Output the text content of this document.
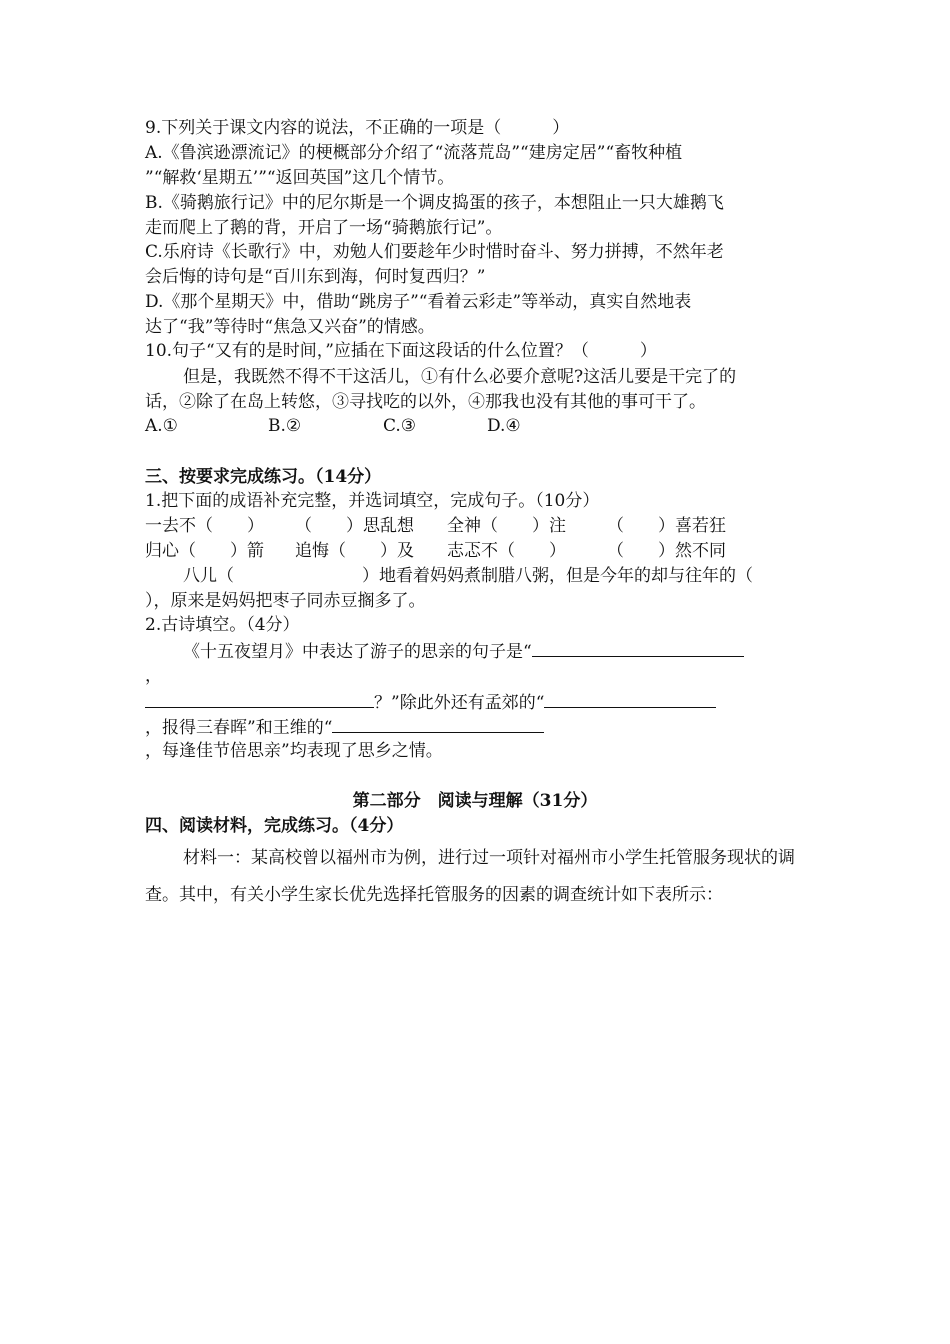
9.下列关于课文内容的说法，不正确的一项是（　　　）

A.《鲁滨逊漂流记》的梗概部分介绍了“流落荒岛”“建房定居”“畜牧种植

”“解救‘星期五’”“返回英国”这几个情节。

B.《骑鹅旅行记》中的尼尔斯是一个调皮捣蛋的孩子，本想阻止一只大雄鹅飞

走而爬上了鹅的背，开启了一场“骑鹅旅行记”。

C.乐府诗《长歌行》中，劝勉人们要趁年少时惜时奋斗、努力拼搏，不然年老

会后悔的诗句是“百川东到海，何时复西归？”

D.《那个星期天》中，借助“跳房子”“看着云彩走”等举动，真实自然地表

达了“我”等待时“焦急又兴奋”的情感。

10.句子“又有的是时间，”应插在下面这段话的什么位置？（　　　）

但是，我既然不得不干这活儿，①有什么必要介意呢?这活儿要是干完了的

话，②除了在岛上转悠，③寻找吃的以外，④那我也没有其他的事可干了。

A.①	B.②	C.③	D.④

三、按要求完成练习。（14分）

1.把下面的成语补充完整，并选词填空，完成句子。（10分）

一去不（　　） （　　）思乱想 全神（　　）注 （　　）喜若狂

归心（　　）箭 追悔（　　）及 志忑不（　　） （　　）然不同

八儿（	）地看着妈妈煮制腊八粥，但是今年的却与往年的（

），原来是妈妈把枣子同赤豆搁多了。

2.古诗填空。（4分）

《十五夜望月》中表达了游子的思亲的句子是“

，

？”除此外还有孟郊的“

，报得三春晖”和王维的“

，每逢佳节倍思亲”均表现了思乡之情。

第二部分　阅读与理解（31分）

四、阅读材料，完成练习。（4分）

材料一：某高校曾以福州市为例，进行过一项针对福州市小学生托管服务现状的调查。其中，有关小学生家长优先选择托管服务的因素的调查统计如下表所示：
